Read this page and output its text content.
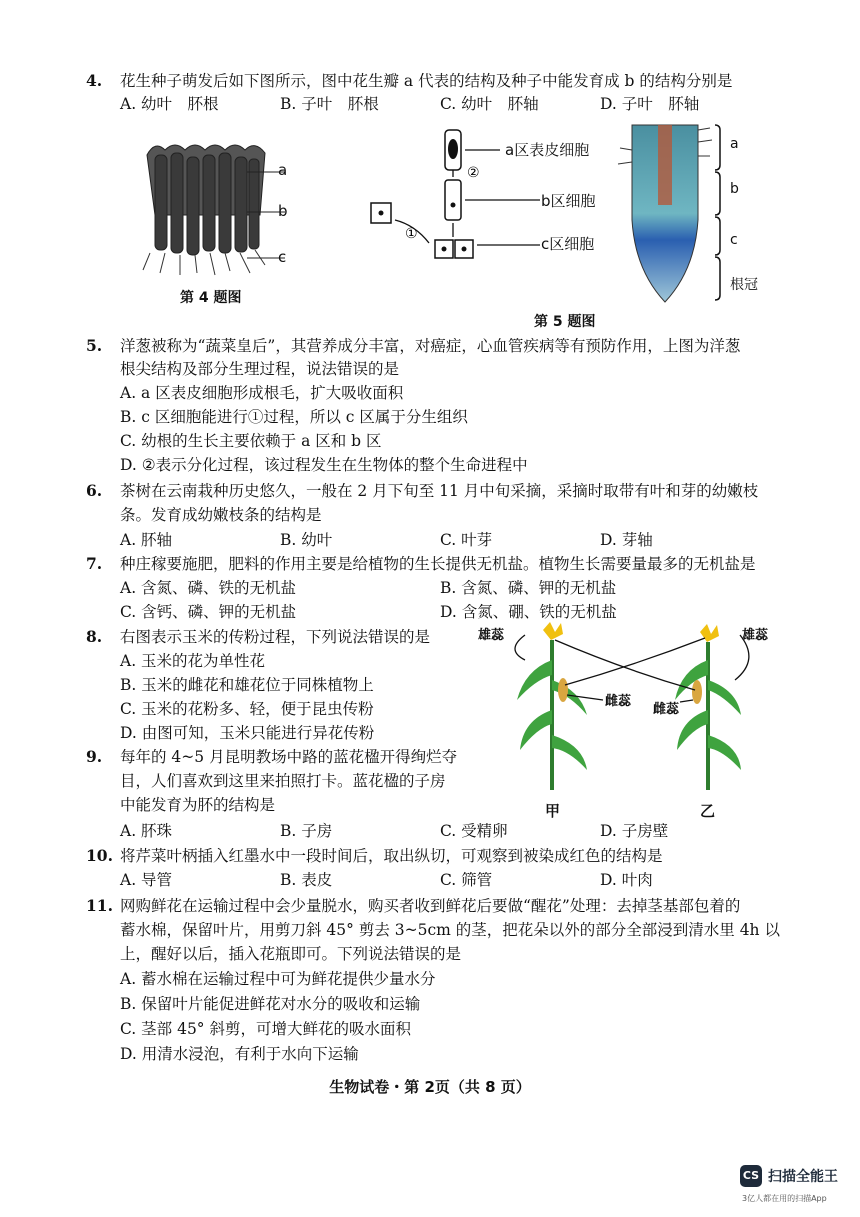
4. 花生种子萌发后如下图所示，图中花生瓣 a 代表的结构及种子中能发育成 b 的结构分别是
A. 幼叶　肧根	B. 子叶　肧根	C. 幼叶　肧轴	D. 子叶　肧轴
a
b
c
第 4 题图
①
②
a区表皮细胞
b区细胞
c区细胞
a
b
c
根冠
第 5 题图
5. 洋葱被称为“蔬菜皇后”，其营养成分丰富，对癌症，心血管疾病等有预防作用，上图为洋葱
根尖结构及部分生理过程，说法错误的是
A. a 区表皮细胞形成根毛，扩大吸收面积
B. c 区细胞能进行①过程，所以 c 区属于分生组织
C. 幼根的生长主要依赖于 a 区和 b 区
D. ②表示分化过程，该过程发生在生物体的整个生命进程中
6. 茶树在云南栽种历史悠久，一般在 2 月下旬至 11 月中旬采摘，采摘时取带有叶和芽的幼嫩枝
条。发育成幼嫩枝条的结构是
A. 肧轴	B. 幼叶	C. 叶芽	D. 芽轴
7. 种庄稼要施肥，肥料的作用主要是给植物的生长提供无机盐。植物生长需要量最多的无机盐是
A. 含氮、磷、铁的无机盐	B. 含氮、磷、钾的无机盐
C. 含钙、磷、钾的无机盐	D. 含氮、硼、铁的无机盐
8. 右图表示玉米的传粉过程，下列说法错误的是
A. 玉米的花为单性花
B. 玉米的雌花和雄花位于同株植物上
C. 玉米的花粉多、轻，便于昆虫传粉
D. 由图可知，玉米只能进行异花传粉
雄蕊	雄蕊
雌蕊
雌蕊
甲	乙
9. 每年的 4~5 月昆明教场中路的蓝花楹开得绚烂夺
目，人们喜欢到这里来拍照打卡。蓝花楹的子房
中能发育为肧的结构是
A. 肧珠	B. 子房	C. 受精卵	D. 子房壁
10. 将芹菜叶柄插入红墨水中一段时间后，取出纵切，可观察到被染成红色的结构是
A. 导管	B. 表皮	C. 筛管	D. 叶肉
11. 网购鲜花在运输过程中会少量脱水，购买者收到鲜花后要做“醒花”处理：去掉茎基部包着的
蓄水棉，保留叶片，用剪刀斜 45° 剪去 3~5cm 的茎，把花朵以外的部分全部浸到清水里 4h 以
上，醒好以后，插入花瓶即可。下列说法错误的是
A. 蓄水棉在运输过程中可为鲜花提供少量水分
B. 保留叶片能促进鲜花对水分的吸收和运输
C. 茎部 45° 斜剪，可增大鲜花的吸水面积
D. 用清水浸泡，有利于水向下运输
生物试卷・第 2页（共 8 页）
CS 扫描全能王
3亿人都在用的扫描App
